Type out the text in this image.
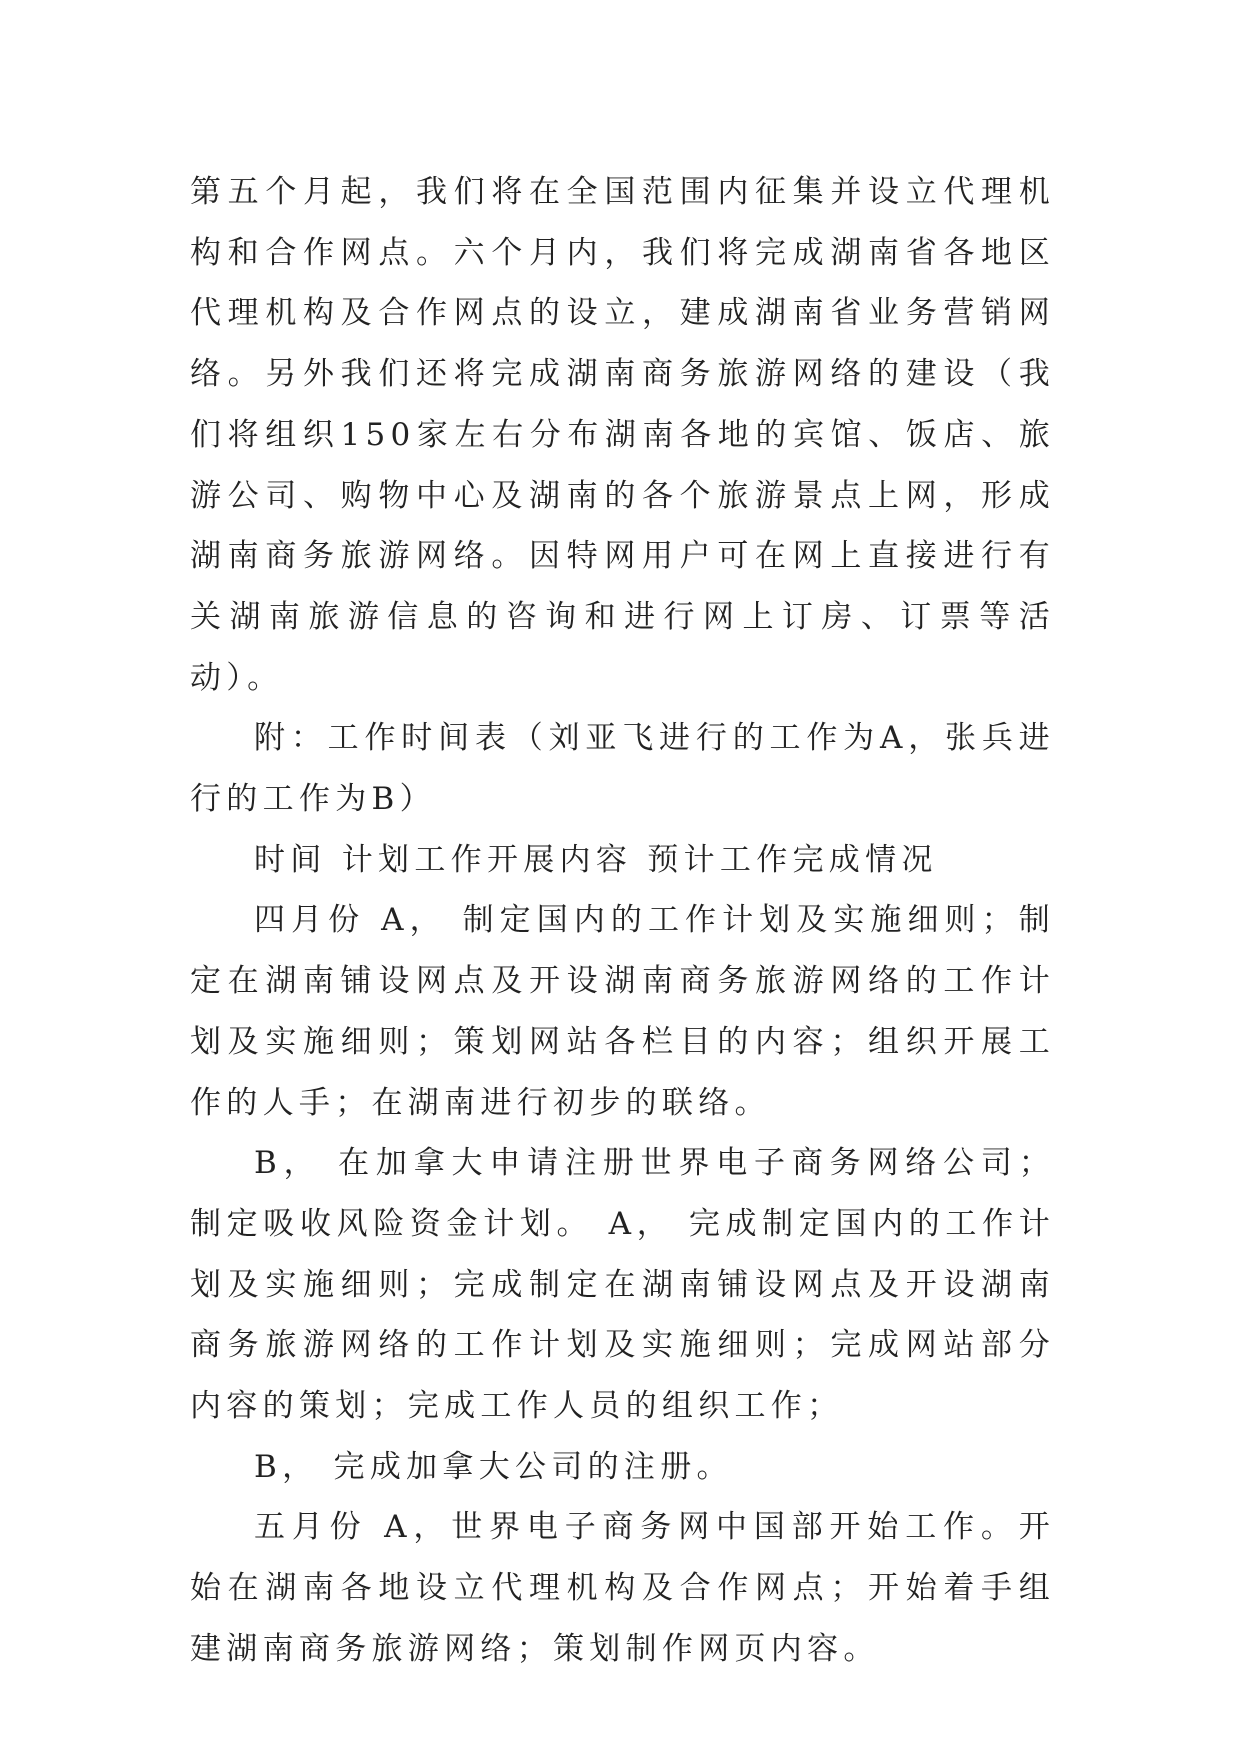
第五个月起，我们将在全国范围内征集并设立代理机构和合作网点。六个月内，我们将完成湖南省各地区代理机构及合作网点的设立，建成湖南省业务营销网络。另外我们还将完成湖南商务旅游网络的建设（我们将组织150家左右分布湖南各地的宾馆、饭店、旅游公司、购物中心及湖南的各个旅游景点上网，形成湖南商务旅游网络。因特网用户可在网上直接进行有关湖南旅游信息的咨询和进行网上订房、订票等活动）。

附：工作时间表（刘亚飞进行的工作为A，张兵进行的工作为B）

时间 计划工作开展内容 预计工作完成情况

四月份 A， 制定国内的工作计划及实施细则；制定在湖南铺设网点及开设湖南商务旅游网络的工作计划及实施细则；策划网站各栏目的内容；组织开展工作的人手；在湖南进行初步的联络。

B， 在加拿大申请注册世界电子商务网络公司；制定吸收风险资金计划。 A， 完成制定国内的工作计划及实施细则；完成制定在湖南铺设网点及开设湖南商务旅游网络的工作计划及实施细则；完成网站部分内容的策划；完成工作人员的组织工作；

B， 完成加拿大公司的注册。

五月份 A，世界电子商务网中国部开始工作。开始在湖南各地设立代理机构及合作网点；开始着手组建湖南商务旅游网络；策划制作网页内容。
